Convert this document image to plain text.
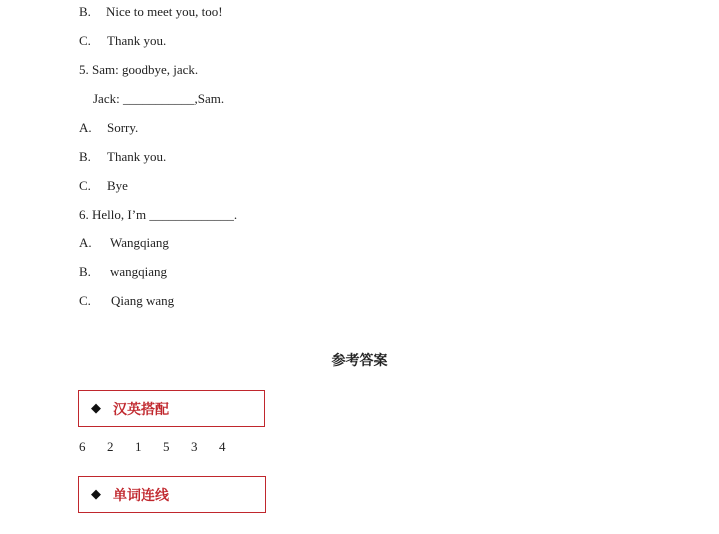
B. Nice to meet you, too!
C. Thank you.
5. Sam: goodbye, jack.
Jack: ___________,Sam.
A. Sorry.
B. Thank you.
C. Bye
6. Hello, I’m _____________.
A. Wangqiang
B. wangqiang
C. Qiang wang
参考答案
◆ 汉英搭配
6 2 1 5 3 4
◆ 单词连线
